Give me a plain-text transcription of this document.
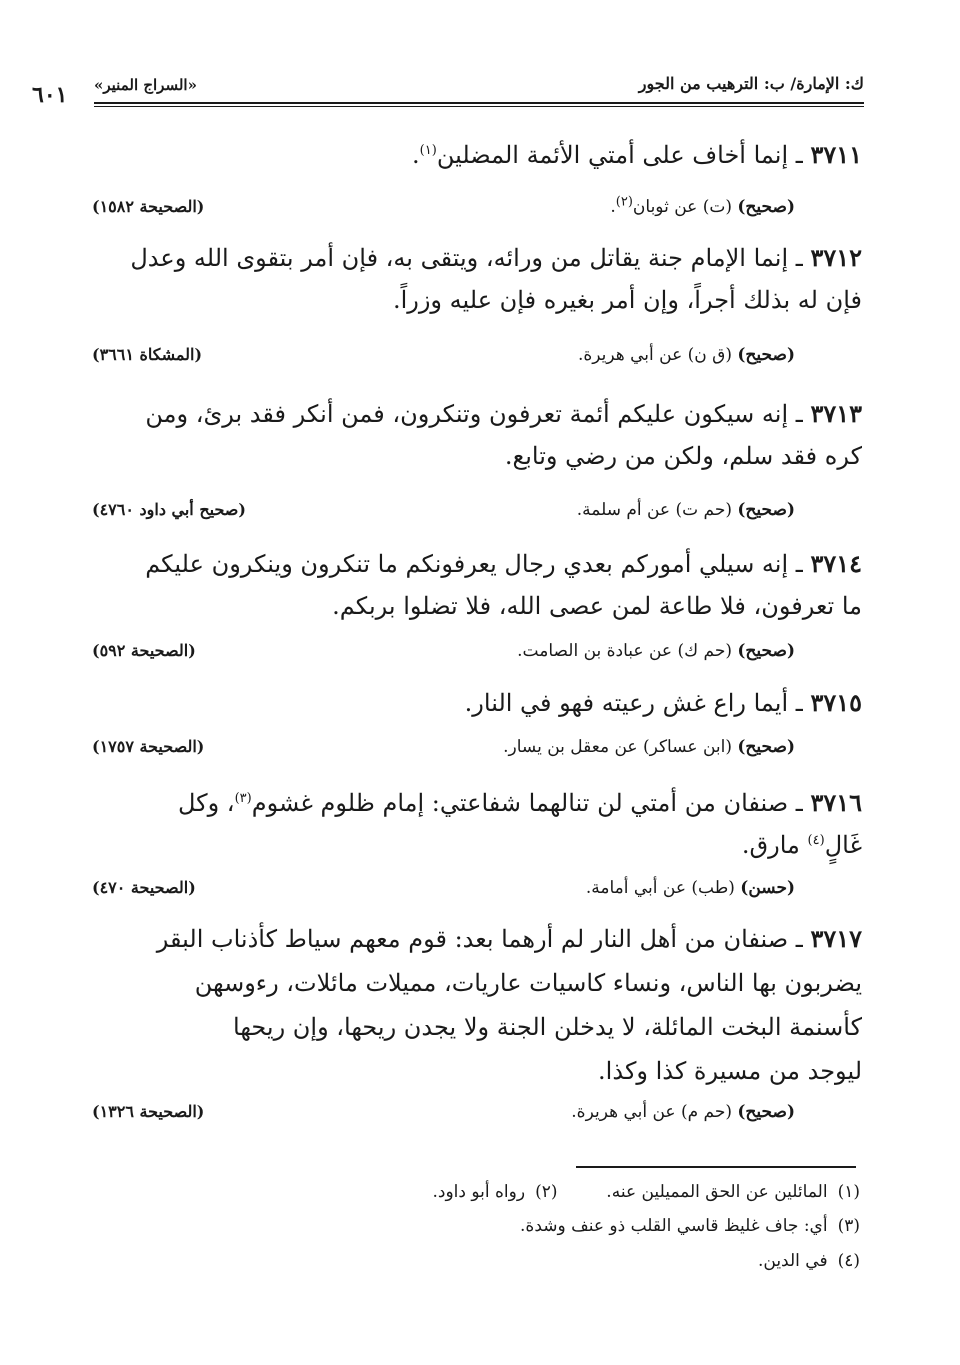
٦٠١ «السراج المنير»	ك: الإمارة/ ب: الترهيب من الجور
٣٧١١ ـ إنما أخاف على أمتي الأئمة المضلين$^{(١)}$.
(صحيح) (ت) عن ثوبان$^{(٢)}$.
(الصحيحة ١٥٨٢)
٣٧١٢ ـ إنما الإمام جنة يقاتل من ورائه، ويتقى به، فإن أمر بتقوى الله وعدل
فإن له بذلك أجراً، وإن أمر بغيره فإن عليه وزراً.
(صحيح) (ق ن) عن أبي هريرة.
(المشكاة ٣٦٦١)
٣٧١٣ ـ إنه سيكون عليكم أئمة تعرفون وتنكرون، فمن أنكر فقد برئ، ومن
كره فقد سلم، ولكن من رضي وتابع.
(صحيح) (حم ت) عن أم سلمة.
(صحيح أبي داود ٤٧٦٠)
٣٧١٤ ـ إنه سيلي أموركم بعدي رجال يعرفونكم ما تنكرون وينكرون عليكم
ما تعرفون، فلا طاعة لمن عصى الله، فلا تضلوا بربكم.
(صحيح) (حم ك) عن عبادة بن الصامت.
(الصحيحة ٥٩٢)
٣٧١٥ ـ أيما راع غش رعيته فهو في النار.
(صحيح) (ابن عساكر) عن معقل بن يسار.
(الصحيحة ١٧٥٧)
٣٧١٦ ـ صنفان من أمتي لن تنالهما شفاعتي: إمام ظلوم غشوم$^{(٣)}$، وكل
غَالٍ$^{(٤)}$ مارق.
(حسن) (طب) عن أبي أمامة.
(الصحيحة ٤٧٠)
٣٧١٧ ـ صنفان من أهل النار لم أرهما بعد: قوم معهم سياط كأذناب البقر
يضربون بها الناس، ونساء كاسيات عاريات، مميلات مائلات، رءوسهن
كأسنمة البخت المائلة، لا يدخلن الجنة ولا يجدن ريحها، وإن ريحها
ليوجد من مسيرة كذا وكذا.
(صحيح) (حم م) عن أبي هريرة.
(الصحيحة ١٣٢٦)
(١)المائلين عن الحق المميلين عنه.  (٢)رواه أبو داود.
(٣)أي: جاف غليظ قاسي القلب ذو عنف وشدة.
(٤)في الدين.
